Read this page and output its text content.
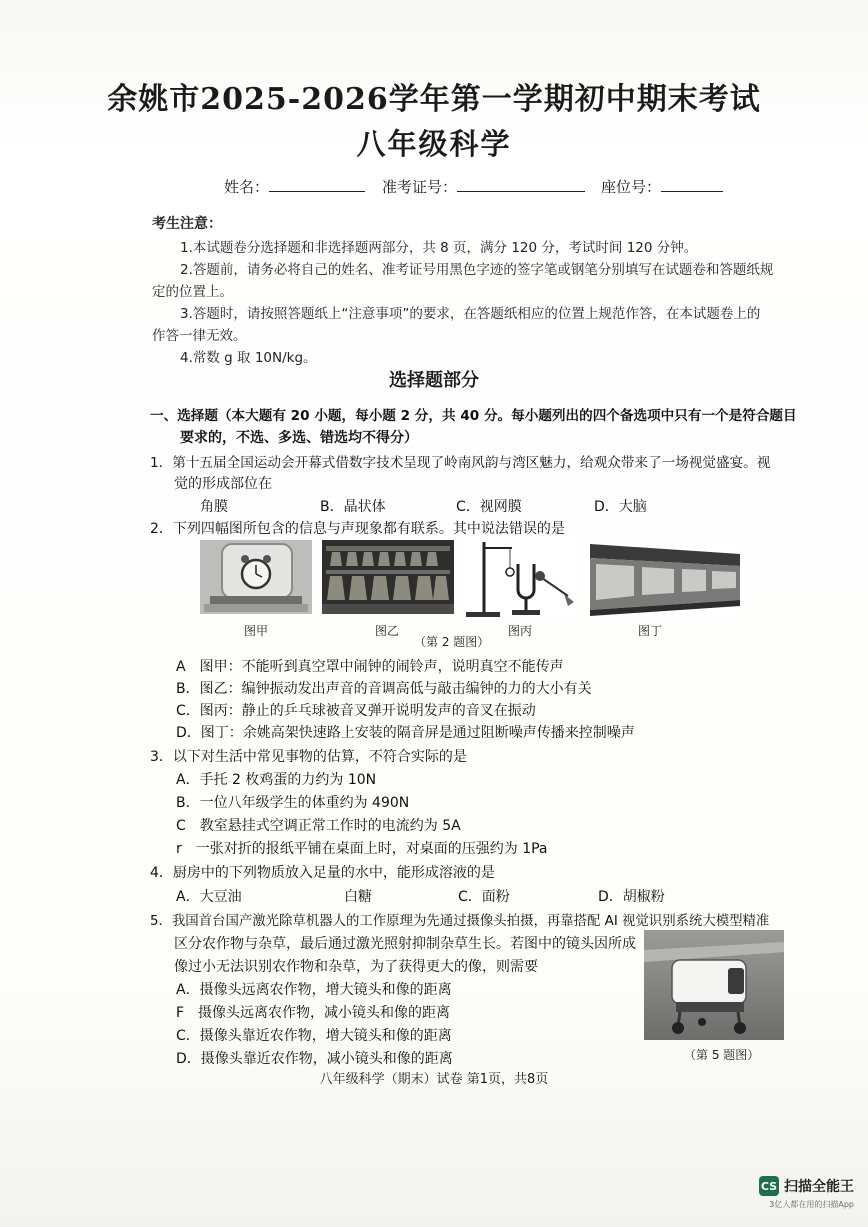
余姚市2025-2026学年第一学期初中期末考试
八年级科学
姓名：	准考证号：	座位号：
考生注意：
1.本试题卷分选择题和非选择题两部分，共 8 页，满分 120 分，考试时间 120 分钟。
2.答题前，请务必将自己的姓名、准考证号用黑色字迹的签字笔或钢笔分别填写在试题卷和答题纸规
定的位置上。
3.答题时，请按照答题纸上“注意事项”的要求，在答题纸相应的位置上规范作答，在本试题卷上的
作答一律无效。
4.常数 g 取 10N/kg。
选择题部分
一、选择题（本大题有 20 小题，每小题 2 分，共 40 分。每小题列出的四个备选项中只有一个是符合题目
要求的，不选、多选、错选均不得分）
1．第十五届全国运动会开幕式借数字技术呈现了岭南风韵与湾区魅力，给观众带来了一场视觉盛宴。视
觉的形成部位在
角膜	B．晶状体	C．视网膜	D．大脑
2．下列四幅图所包含的信息与声现象都有联系。其中说法错误的是
图甲	图乙
（第 2 题图）
图丙	图丁
A　图甲：不能听到真空罩中闹钟的闹铃声，说明真空不能传声
B．图乙：编钟振动发出声音的音调高低与敲击编钟的力的大小有关
C．图丙：静止的乒乓球被音叉弹开说明发声的音叉在振动
D．图丁：余姚高架快速路上安装的隔音屏是通过阻断噪声传播来控制噪声
3．以下对生活中常见事物的估算，不符合实际的是
A．手托 2 枚鸡蛋的力约为 10N
B．一位八年级学生的体重约为 490N
C　教室悬挂式空调正常工作时的电流约为 5A
r　一张对折的报纸平铺在桌面上时，对桌面的压强约为 1Pa
4．厨房中的下列物质放入足量的水中，能形成溶液的是
A．大豆油	白糖	C．面粉	D．胡椒粉
5．我国首台国产激光除草机器人的工作原理为先通过摄像头拍摄，再靠搭配 AI 视觉识别系统大模型精准
区分农作物与杂草，最后通过激光照射抑制杂草生长。若图中的镜头因所成
像过小无法识别农作物和杂草，为了获得更大的像，则需要
A．摄像头远离农作物，增大镜头和像的距离
F　摄像头远离农作物，减小镜头和像的距离
C．摄像头靠近农作物，增大镜头和像的距离
D．摄像头靠近农作物，减小镜头和像的距离	（第 5 题图）
八年级科学（期末）试卷 第1页，共8页
CS 扫描全能王
3亿人都在用的扫描App
